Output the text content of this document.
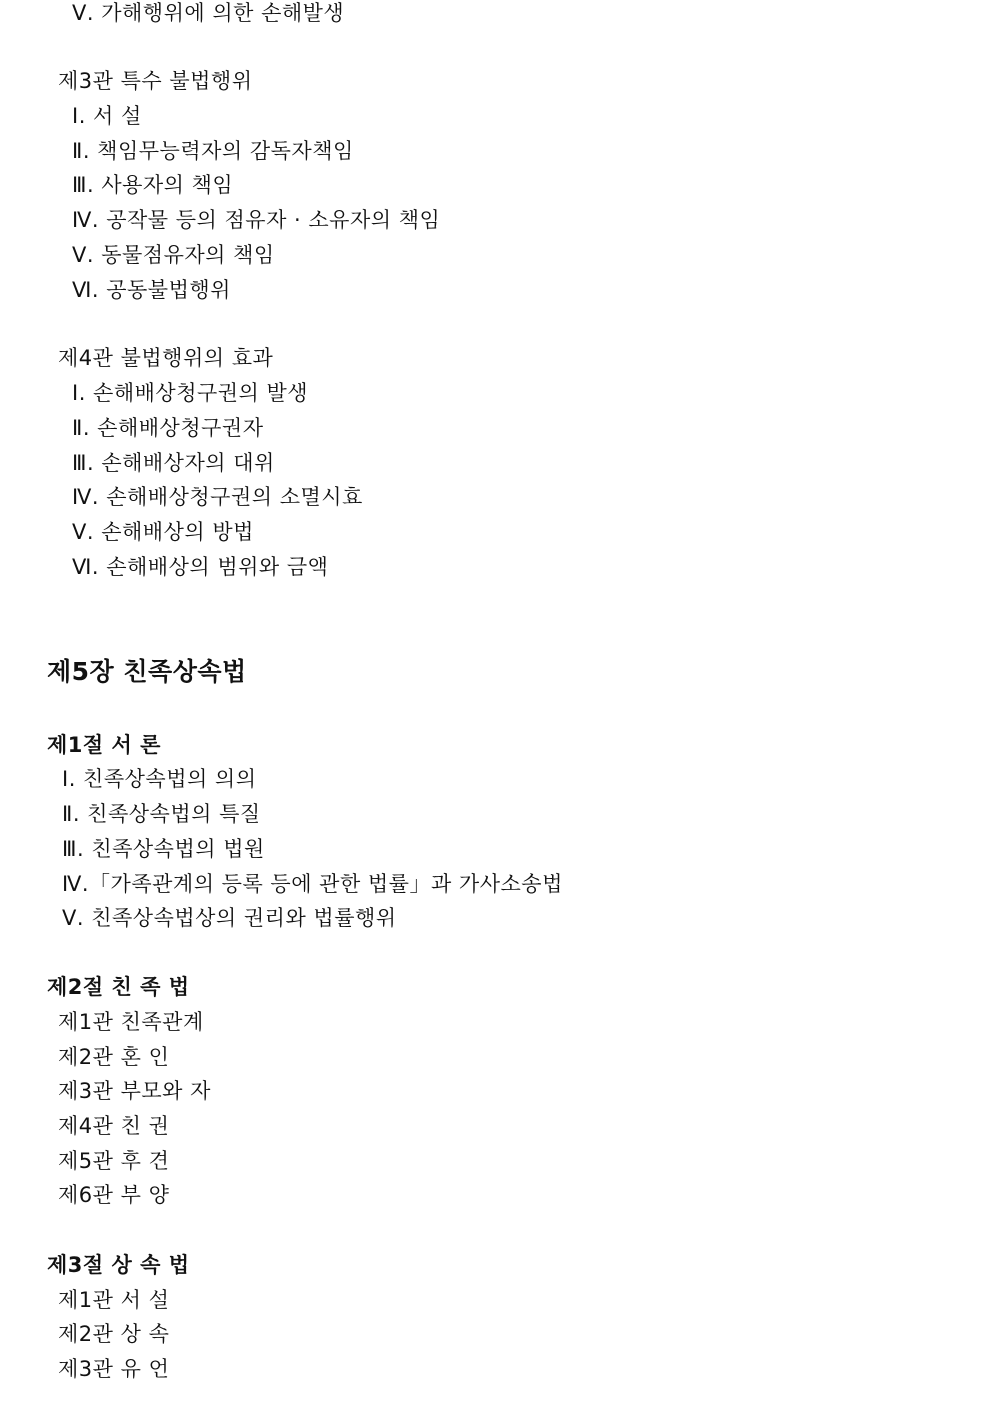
Ⅴ. 가해행위에 의한 손해발생
제3관 특수 불법행위
Ⅰ. 서 설
Ⅱ. 책임무능력자의 감독자책임
Ⅲ. 사용자의 책임
Ⅳ. 공작물 등의 점유자 · 소유자의 책임
Ⅴ. 동물점유자의 책임
Ⅵ. 공동불법행위
제4관 불법행위의 효과
Ⅰ. 손해배상청구권의 발생
Ⅱ. 손해배상청구권자
Ⅲ. 손해배상자의 대위
Ⅳ. 손해배상청구권의 소멸시효
Ⅴ. 손해배상의 방법
Ⅵ. 손해배상의 범위와 금액
제5장 친족상속법
제1절 서 론
Ⅰ. 친족상속법의 의의
Ⅱ. 친족상속법의 특질
Ⅲ. 친족상속법의 법원
Ⅳ.「가족관계의 등록 등에 관한 법률」과 가사소송법
Ⅴ. 친족상속법상의 권리와 법률행위
제2절 친 족 법
제1관 친족관계
제2관 혼 인
제3관 부모와 자
제4관 친 권
제5관 후 견
제6관 부 양
제3절 상 속 법
제1관 서 설
제2관 상 속
제3관 유 언
